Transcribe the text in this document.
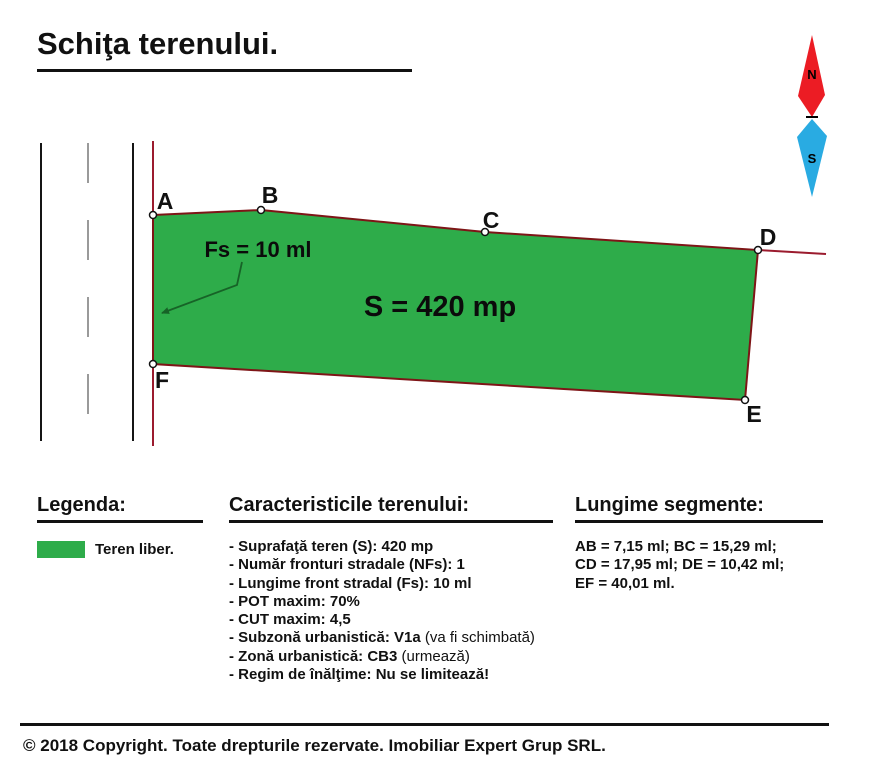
Fs = 10 ml
S = 420 mp
A	B
C
D
E
F
N
S
Schiţa terenului.
Legenda:
Teren liber.
Caracteristicile terenului:
- Suprafaţă teren (S): 420 mp
- Număr fronturi stradale (NFs): 1
- Lungime front stradal (Fs): 10 ml
- POT maxim: 70%
- CUT maxim: 4,5
- Subzonă urbanistică: V1a (va fi schimbată)
- Zonă urbanistică: CB3 (urmează)
- Regim de înălţime: Nu se limitează!
Lungime segmente:
AB = 7,15 ml; BC = 15,29 ml;
CD = 17,95 ml; DE = 10,42 ml;
EF = 40,01 ml.
© 2018 Copyright. Toate drepturile rezervate. Imobiliar Expert Grup SRL.
